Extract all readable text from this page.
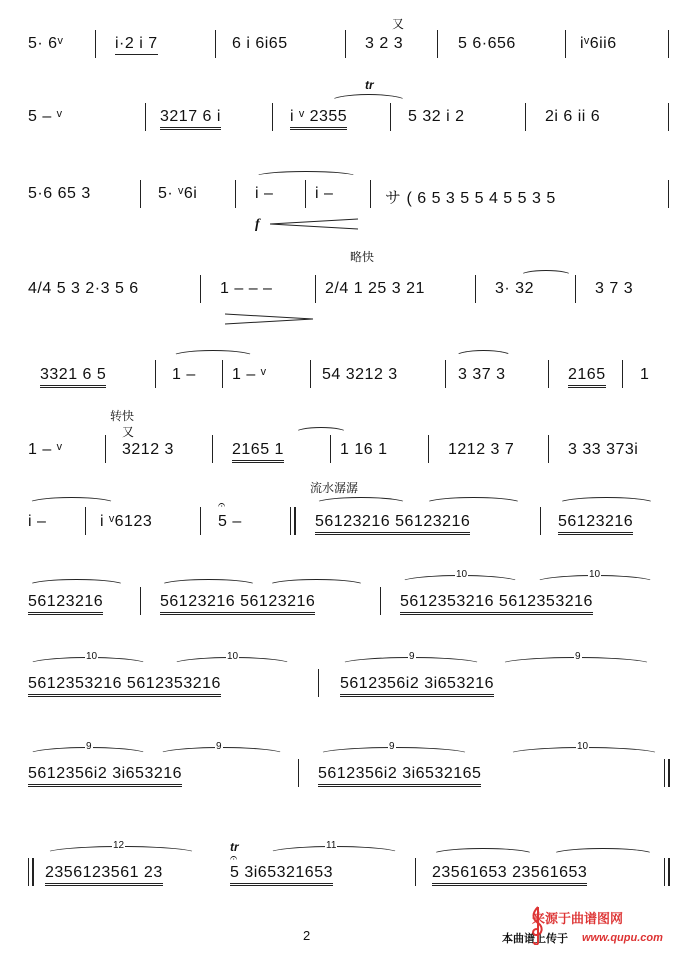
5· 6ᵛ	i·2 i 7	6 i 6i65
又
3 2 3	5 6·656	iᵛ6ii6
5 – ᵛ	3217 6 i
tr
i ᵛ 2355	5 32 i 2	2i 6 ii 6
5·6 65 3	5· ᵛ6i	i –	i –	サ ( 6 5 3 5 5 4 5 5 3 5
f
略快
4/4 5 3 2·3 5 6	1 – – –	2/4 1 25 3 21	3· 32	3 7 3
3321 6 5	1 – 1 – ᵛ	54 3212 3	3 37 3	2165 1
转快
又
1 – ᵛ	3212 3	2165 1	1 16 1	1212 3 7	3 33 373i
流水潺潺
i –	i ᵛ6123
𝄐
5 –	56123216 56123216	56123216
56123216	56123216 56123216
10	10
5612353216 5612353216
10	10
5612353216 5612353216
9	9
5612356i2 3i653216
9	9
5612356i2 3i653216
9	10
5612356i2 3i6532165
12
2356123561 23
tr
𝄐
11
5 3i65321653	23561653 23561653
2	本曲谱上传于
来源于曲谱图网
www.qupu.com
